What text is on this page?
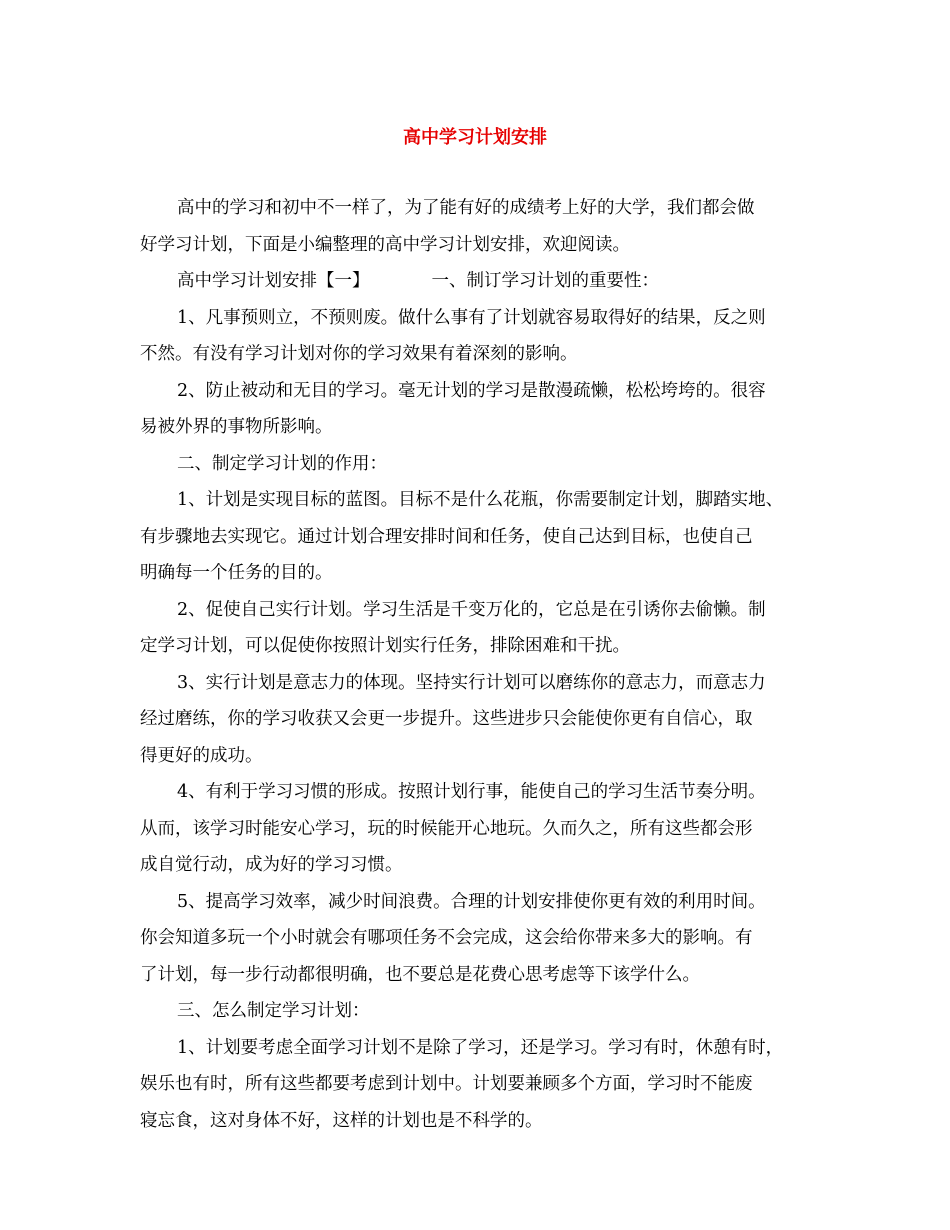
高中学习计划安排
高中的学习和初中不一样了，为了能有好的成绩考上好的大学，我们都会做
好学习计划，下面是小编整理的高中学习计划安排，欢迎阅读。
高中学习计划安排【一】	一、制订学习计划的重要性：
1、凡事预则立，不预则废。做什么事有了计划就容易取得好的结果，反之则
不然。有没有学习计划对你的学习效果有着深刻的影响。
2、防止被动和无目的学习。毫无计划的学习是散漫疏懒，松松垮垮的。很容
易被外界的事物所影响。
二、制定学习计划的作用：
1、计划是实现目标的蓝图。目标不是什么花瓶，你需要制定计划，脚踏实地、
有步骤地去实现它。通过计划合理安排时间和任务，使自己达到目标，也使自己
明确每一个任务的目的。
2、促使自己实行计划。学习生活是千变万化的，它总是在引诱你去偷懒。制
定学习计划，可以促使你按照计划实行任务，排除困难和干扰。
3、实行计划是意志力的体现。坚持实行计划可以磨练你的意志力，而意志力
经过磨练，你的学习收获又会更一步提升。这些进步只会能使你更有自信心，取
得更好的成功。
4、有利于学习习惯的形成。按照计划行事，能使自己的学习生活节奏分明。
从而，该学习时能安心学习，玩的时候能开心地玩。久而久之，所有这些都会形
成自觉行动，成为好的学习习惯。
5、提高学习效率，减少时间浪费。合理的计划安排使你更有效的利用时间。
你会知道多玩一个小时就会有哪项任务不会完成，这会给你带来多大的影响。有
了计划，每一步行动都很明确，也不要总是花费心思考虑等下该学什么。
三、怎么制定学习计划：
1、计划要考虑全面学习计划不是除了学习，还是学习。学习有时，休憩有时，
娱乐也有时，所有这些都要考虑到计划中。计划要兼顾多个方面，学习时不能废
寝忘食，这对身体不好，这样的计划也是不科学的。
